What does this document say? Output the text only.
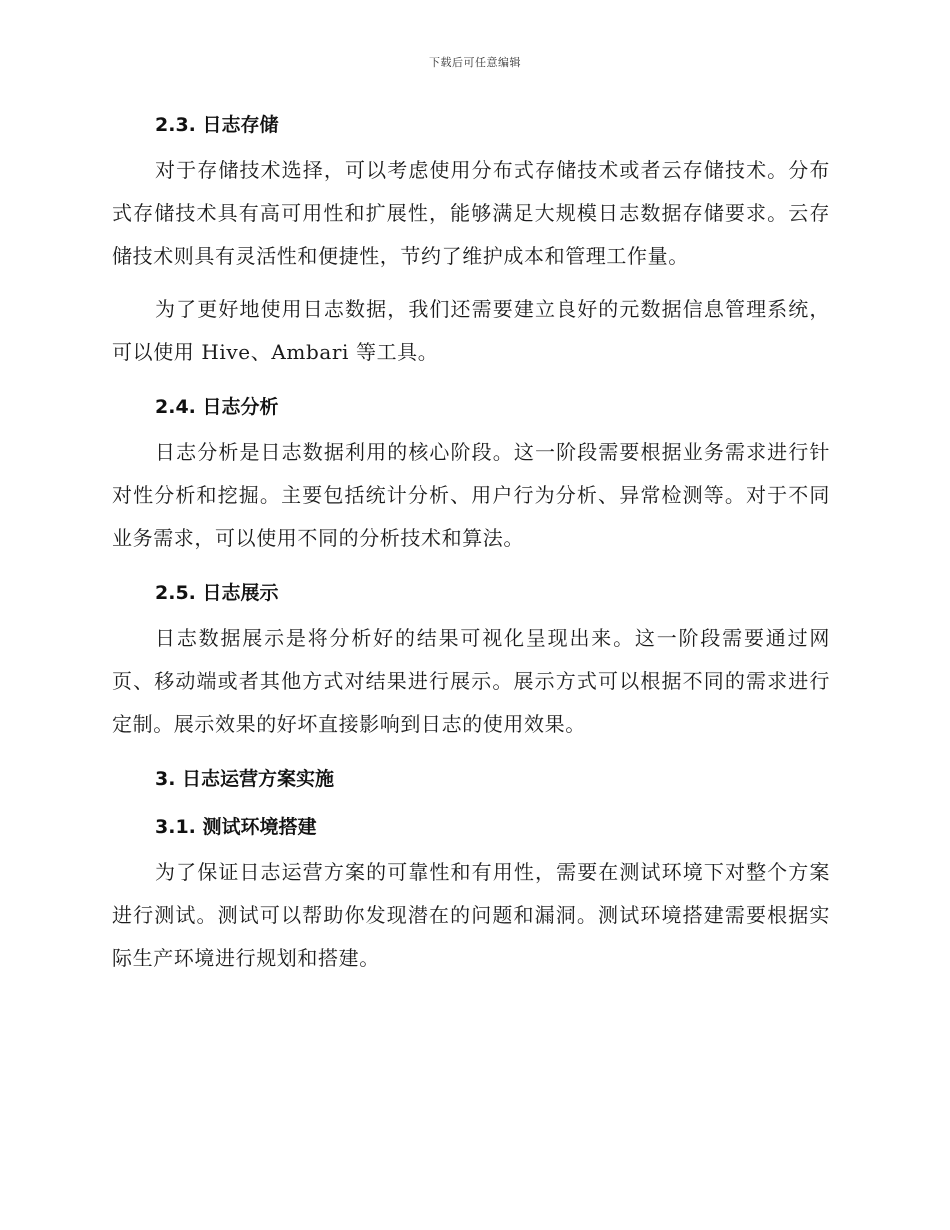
下载后可任意编辑
2.3. 日志存储

对于存储技术选择，可以考虑使用分布式存储技术或者云存储技术。分布式存储技术具有高可用性和扩展性，能够满足大规模日志数据存储要求。云存储技术则具有灵活性和便捷性，节约了维护成本和管理工作量。

为了更好地使用日志数据，我们还需要建立良好的元数据信息管理系统，可以使用 Hive、Ambari 等工具。

2.4. 日志分析

日志分析是日志数据利用的核心阶段。这一阶段需要根据业务需求进行针对性分析和挖掘。主要包括统计分析、用户行为分析、异常检测等。对于不同业务需求，可以使用不同的分析技术和算法。

2.5. 日志展示

日志数据展示是将分析好的结果可视化呈现出来。这一阶段需要通过网页、移动端或者其他方式对结果进行展示。展示方式可以根据不同的需求进行定制。展示效果的好坏直接影响到日志的使用效果。

3. 日志运营方案实施
3.1. 测试环境搭建

为了保证日志运营方案的可靠性和有用性，需要在测试环境下对整个方案进行测试。测试可以帮助你发现潜在的问题和漏洞。测试环境搭建需要根据实际生产环境进行规划和搭建。
